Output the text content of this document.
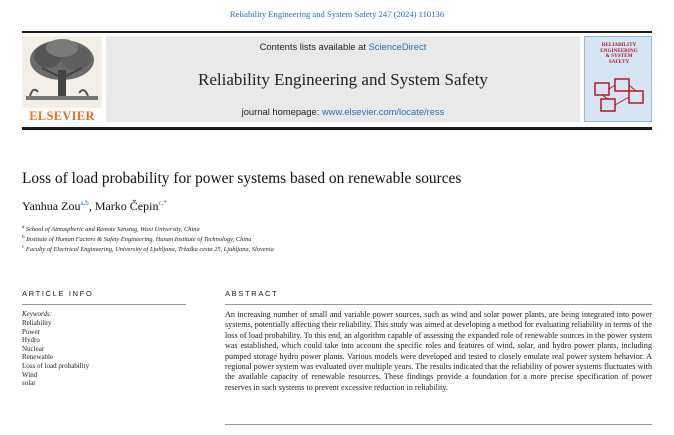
Reliability Engineering and System Safety 247 (2024) 110136
ELSEVIER
Contents lists available at ScienceDirect
Reliability Engineering and System Safety
journal homepage: www.elsevier.com/locate/ress
RELIABILITY
ENGINEERING
& SYSTEM
SAFETY
Loss of load probability for power systems based on renewable sources
Yanhua Zou$^{a,b}$, Marko Čepin$^{c,*}$
$^a$ School of Atmospheric and Remote Sensing, Wuxi University, China
$^b$ Institute of Human Factors & Safety Engineering, Hunan Institute of Technology, China
$^c$ Faculty of Electrical Engineering, University of Ljubljana, Tržaška cesta 25, Ljubljana, Slovenia
ARTICLE INFO
Keywords:
Reliability
Power
Hydro
Nuclear
Renewable
Loss of load probability
Wind
solar
ABSTRACT
An increasing number of small and variable power sources, such as wind and solar power plants, are being integrated into power systems, potentially affecting their reliability. This study was aimed at developing a method for evaluating reliability in terms of the loss of load probability. To this end, an algorithm capable of assessing the expanded role of renewable sources in the power system was established, which could take into account the specific roles and features of wind, solar, and hydro power plants, including pumped storage hydro power plants. Various models were developed and tested to closely emulate real power system behavior. A regional power system was evaluated over multiple years. The results indicated that the reliability of power systems fluctuates with the available capacity of renewable resources. These findings provide a foundation for a more precise specification of power reserves in such systems to prevent excessive reduction in reliability.
